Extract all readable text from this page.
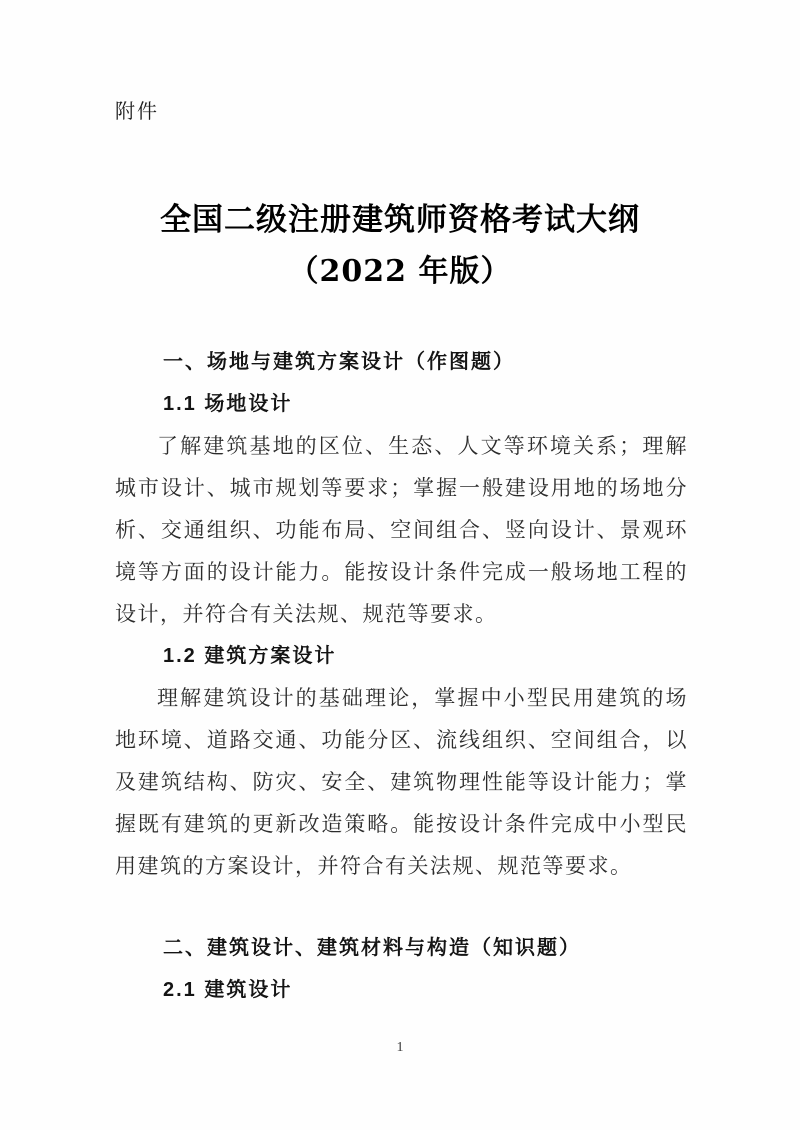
附件
全国二级注册建筑师资格考试大纲
（2022 年版）
一、场地与建筑方案设计（作图题）
1.1 场地设计

了解建筑基地的区位、生态、人文等环境关系；理解城市设计、城市规划等要求；掌握一般建设用地的场地分析、交通组织、功能布局、空间组合、竖向设计、景观环境等方面的设计能力。能按设计条件完成一般场地工程的设计，并符合有关法规、规范等要求。

1.2 建筑方案设计

理解建筑设计的基础理论，掌握中小型民用建筑的场地环境、道路交通、功能分区、流线组织、空间组合，以及建筑结构、防灾、安全、建筑物理性能等设计能力；掌握既有建筑的更新改造策略。能按设计条件完成中小型民用建筑的方案设计，并符合有关法规、规范等要求。

二、建筑设计、建筑材料与构造（知识题）
2.1 建筑设计
1
